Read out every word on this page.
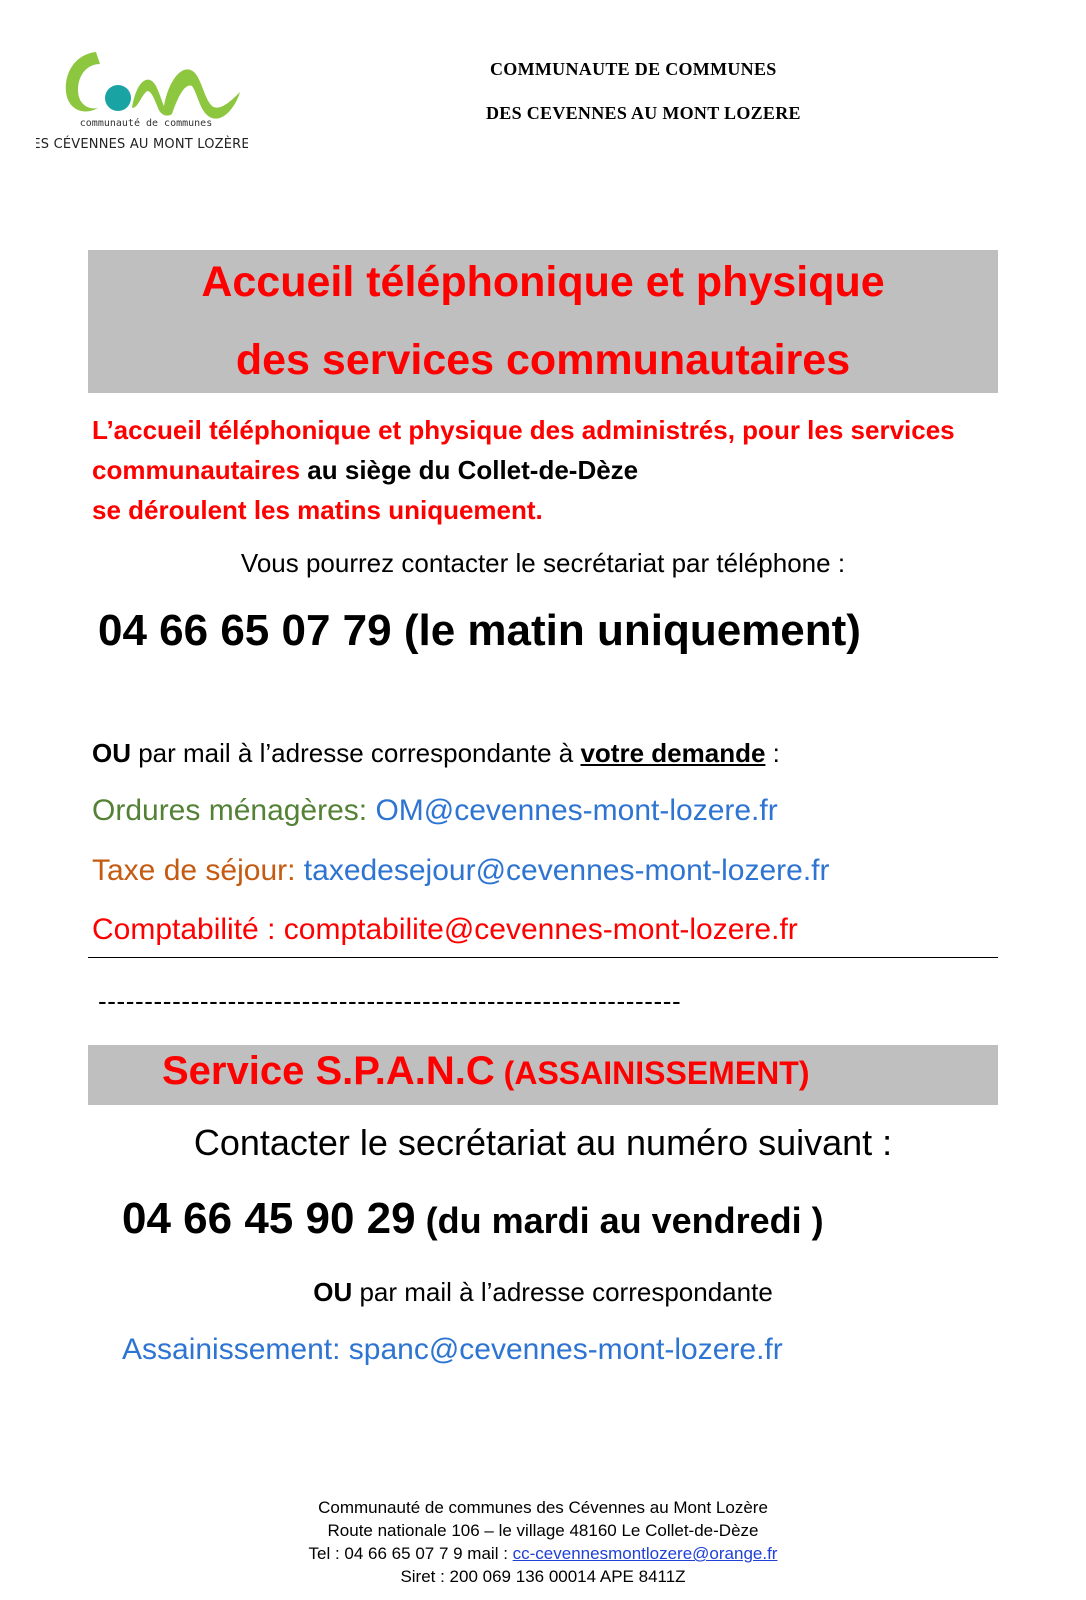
communauté de communes
DES CÉVENNES AU MONT LOZÈRE
COMMUNAUTE DE COMMUNES
DES CEVENNES AU MONT LOZERE
Accueil téléphonique et physique
des services communautaires
L’accueil téléphonique et physique des administrés, pour les services communautaires au siège du Collet-de-Dèze
se déroulent les matins uniquement.
Vous pourrez contacter le secrétariat par téléphone :
04 66 65 07 79 (le matin uniquement)
OU par mail à l’adresse correspondante à votre demande :
Ordures ménagères: OM@cevennes-mont-lozere.fr
Taxe de séjour: taxedesejour@cevennes-mont-lozere.fr
Comptabilité : comptabilite@cevennes-mont-lozere.fr
---------------------------------------------------------------
Service S.P.A.N.C (ASSAINISSEMENT)
Contacter le secrétariat au numéro suivant :
04 66 45 90 29 (du mardi au vendredi )
OU par mail à l’adresse correspondante
Assainissement: spanc@cevennes-mont-lozere.fr
Communauté de communes des Cévennes au Mont Lozère
Route nationale 106 – le village 48160 Le Collet-de-Dèze
Tel : 04 66 65 07 7 9 mail : cc-cevennesmontlozere@orange.fr
Siret : 200 069 136 00014 APE 8411Z
